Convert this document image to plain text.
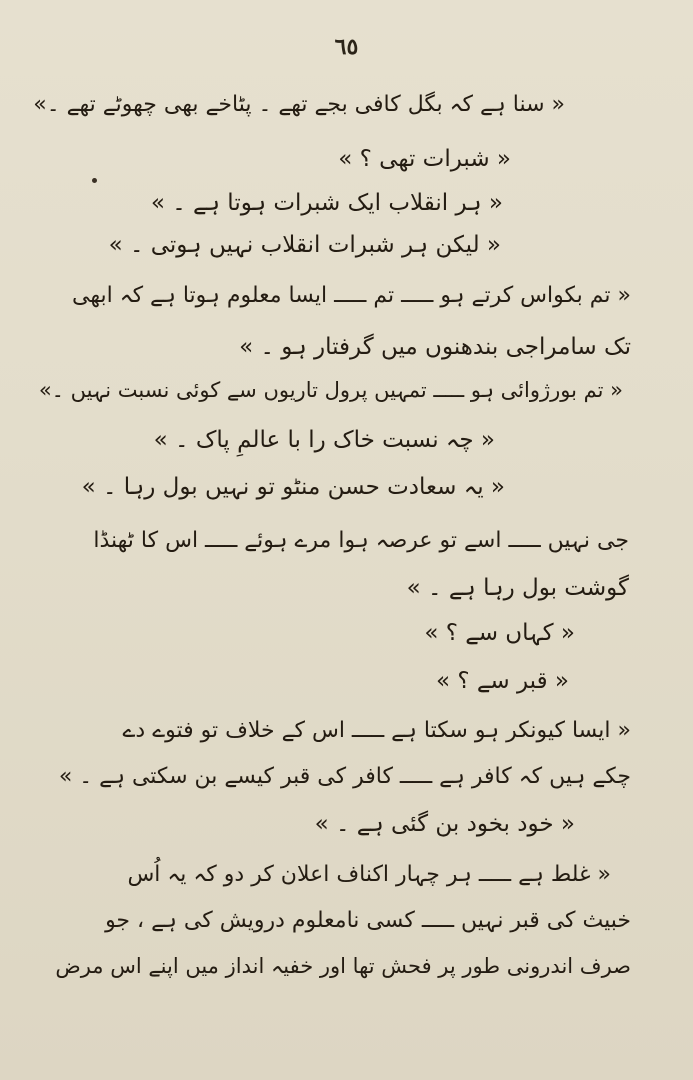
٦٥
« سنا ہے کہ بگل کافی بجے تھے ۔ پٹاخے بھی چھوٹے تھے ۔»
« شبرات تھی ؟ »
« ہر انقلاب ایک شبرات ہوتا ہے ۔ »
« لیکن ہر شبرات انقلاب نہیں ہوتی ۔ »
« تم بکواس کرتے ہو ـــــ تم ـــــ ایسا معلوم ہوتا ہے کہ ابھی
تک سامراجی بندھنوں میں گرفتار ہو ۔ »
« تم بورژوائی ہو ـــــ تمہیں پرول تاریوں سے کوئی نسبت نہیں ۔»
« چہ نسبت خاک را با عالمِ پاک ۔ »
« یہ سعادت حسن منٹو تو نہیں بول رہا ۔ »
جی نہیں ـــــ اسے تو عرصہ ہوا مرے ہوئے ـــــ اس کا ٹھنڈا
گوشت بول رہا ہے ۔ »
« کہاں سے ؟ »
« قبر سے ؟ »
« ایسا کیونکر ہو سکتا ہے ـــــ اس کے خلاف تو فتوے دے
چکے ہیں کہ کافر ہے ـــــ کافر کی قبر کیسے بن سکتی ہے ۔ »
« خود بخود بن گئی ہے ۔ »
« غلط ہے ـــــ ہر چہار اکناف اعلان کر دو کہ یہ اُس
خبیث کی قبر نہیں ـــــ کسی نامعلوم درویش کی ہے ، جو
صرف اندرونی طور پر فحش تھا اور خفیہ انداز میں اپنے اس مرض
